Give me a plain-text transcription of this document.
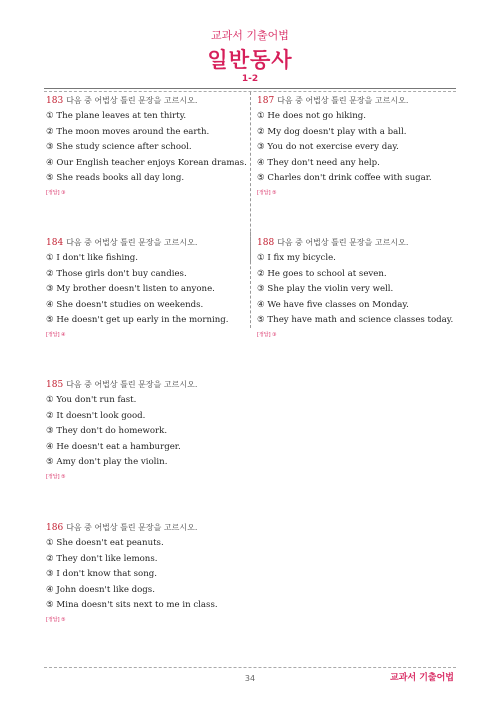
교과서 기출어법
일반동사
1-2
183 다음 중 어법상 틀린 문장을 고르시오.
① The plane leaves at ten thirty.
② The moon moves around the earth.
③ She study science after school.
④ Our English teacher enjoys Korean dramas.
⑤ She reads books all day long.
[정답] ③
187 다음 중 어법상 틀린 문장을 고르시오.
① He does not go hiking.
② My dog doesn't play with a ball.
③ You do not exercise every day.
④ They don't need any help.
⑤ Charles don't drink coffee with sugar.
[정답] ⑤
184 다음 중 어법상 틀린 문장을 고르시오.
① I don't like fishing.
② Those girls don't buy candies.
③ My brother doesn't listen to anyone.
④ She doesn't studies on weekends.
⑤ He doesn't get up early in the morning.
[정답] ④
188 다음 중 어법상 틀린 문장을 고르시오.
① I fix my bicycle.
② He goes to school at seven.
③ She play the violin very well.
④ We have five classes on Monday.
⑤ They have math and science classes today.
[정답] ③
185 다음 중 어법상 틀린 문장을 고르시오.
① You don't run fast.
② It doesn't look good.
③ They don't do homework.
④ He doesn't eat a hamburger.
⑤ Amy don't play the violin.
[정답] ⑤
186 다음 중 어법상 틀린 문장을 고르시오.
① She doesn't eat peanuts.
② They don't like lemons.
③ I don't know that song.
④ John doesn't like dogs.
⑤ Mina doesn't sits next to me in class.
[정답] ⑤
34	교과서 기출어법
